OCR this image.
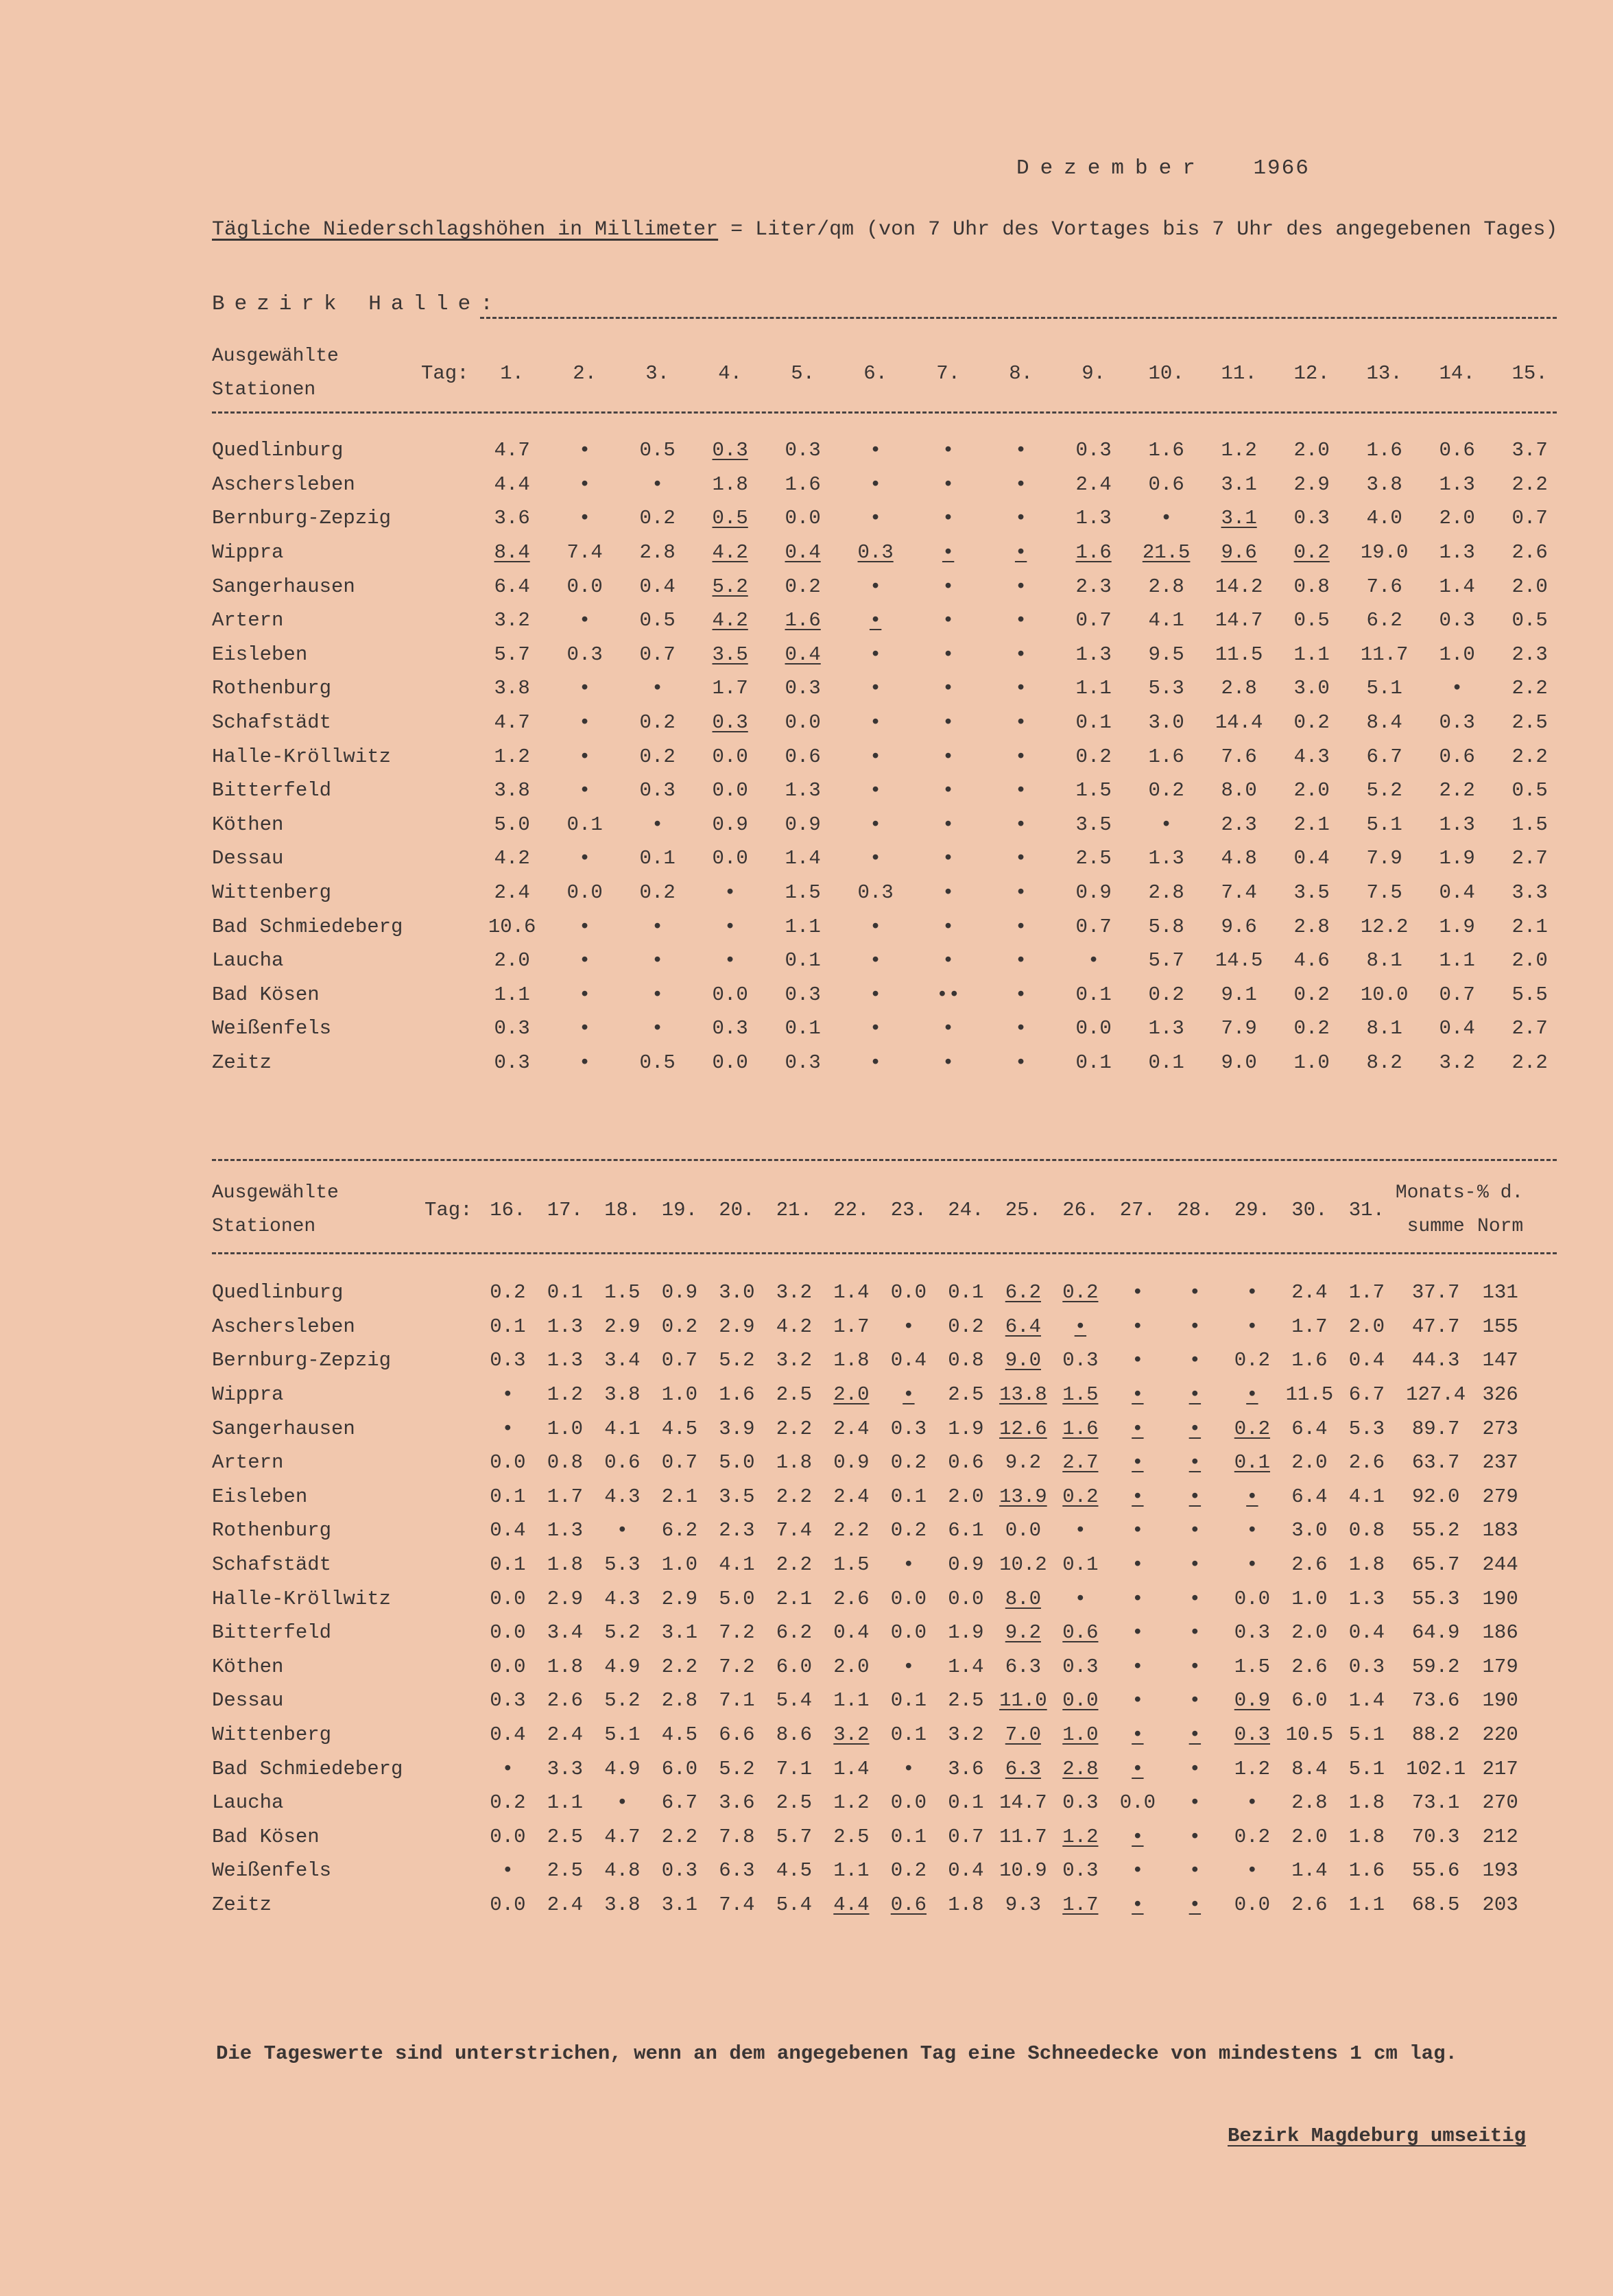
Dezember 1966
Tägliche Niederschlagshöhen in Millimeter = Liter/qm (von 7 Uhr des Vortages bis 7 Uhr des angegebenen Tages)
Bezirk Halle:
Ausgewählte
Stationen	Tag:	1.	2.	3.	4.	5.	6.	7.	8.	9.	10.	11.	12.	13.	14.	15.

Quedlinburg		4.7	•	0.5	0.3	0.3	•	•	•	0.3	1.6	1.2	2.0	1.6	0.6	3.7
Aschersleben		4.4	•	•	1.8	1.6	•	•	•	2.4	0.6	3.1	2.9	3.8	1.3	2.2
Bernburg-Zepzig		3.6	•	0.2	0.5	0.0	•	•	•	1.3	•	3.1	0.3	4.0	2.0	0.7
Wippra		8.4	7.4	2.8	4.2	0.4	0.3	•	•	1.6	21.5	9.6	0.2	19.0	1.3	2.6
Sangerhausen		6.4	0.0	0.4	5.2	0.2	•	•	•	2.3	2.8	14.2	0.8	7.6	1.4	2.0
Artern		3.2	•	0.5	4.2	1.6	•	•	•	0.7	4.1	14.7	0.5	6.2	0.3	0.5
Eisleben		5.7	0.3	0.7	3.5	0.4	•	•	•	1.3	9.5	11.5	1.1	11.7	1.0	2.3
Rothenburg		3.8	•	•	1.7	0.3	•	•	•	1.1	5.3	2.8	3.0	5.1	•	2.2
Schafstädt		4.7	•	0.2	0.3	0.0	•	•	•	0.1	3.0	14.4	0.2	8.4	0.3	2.5
Halle-Kröllwitz		1.2	•	0.2	0.0	0.6	•	•	•	0.2	1.6	7.6	4.3	6.7	0.6	2.2
Bitterfeld		3.8	•	0.3	0.0	1.3	•	•	•	1.5	0.2	8.0	2.0	5.2	2.2	0.5
Köthen		5.0	0.1	•	0.9	0.9	•	•	•	3.5	•	2.3	2.1	5.1	1.3	1.5
Dessau		4.2	•	0.1	0.0	1.4	•	•	•	2.5	1.3	4.8	0.4	7.9	1.9	2.7
Wittenberg		2.4	0.0	0.2	•	1.5	0.3	•	•	0.9	2.8	7.4	3.5	7.5	0.4	3.3
Bad Schmiedeberg		10.6	•	•	•	1.1	•	•	•	0.7	5.8	9.6	2.8	12.2	1.9	2.1
Laucha		2.0	•	•	•	0.1	•	•	•	•	5.7	14.5	4.6	8.1	1.1	2.0
Bad Kösen		1.1	•	•	0.0	0.3	•	••	•	0.1	0.2	9.1	0.2	10.0	0.7	5.5
Weißenfels		0.3	•	•	0.3	0.1	•	•	•	0.0	1.3	7.9	0.2	8.1	0.4	2.7
Zeitz		0.3	•	0.5	0.0	0.3	•	•	•	0.1	0.1	9.0	1.0	8.2	3.2	2.2
Ausgewählte
Stationen	Tag:	16.	17.	18.	19.	20.	21.	22.	23.	24.	25.	26.	27.	28.	29.	30.	31.	Monats-
summe	% d.
Norm

Quedlinburg		0.2	0.1	1.5	0.9	3.0	3.2	1.4	0.0	0.1	6.2	0.2	•	•	•	2.4	1.7	37.7	131
Aschersleben		0.1	1.3	2.9	0.2	2.9	4.2	1.7	•	0.2	6.4	•	•	•	•	1.7	2.0	47.7	155
Bernburg-Zepzig		0.3	1.3	3.4	0.7	5.2	3.2	1.8	0.4	0.8	9.0	0.3	•	•	0.2	1.6	0.4	44.3	147
Wippra		•	1.2	3.8	1.0	1.6	2.5	2.0	•	2.5	13.8	1.5	•	•	•	11.5	6.7	127.4	326
Sangerhausen		•	1.0	4.1	4.5	3.9	2.2	2.4	0.3	1.9	12.6	1.6	•	•	0.2	6.4	5.3	89.7	273
Artern		0.0	0.8	0.6	0.7	5.0	1.8	0.9	0.2	0.6	9.2	2.7	•	•	0.1	2.0	2.6	63.7	237
Eisleben		0.1	1.7	4.3	2.1	3.5	2.2	2.4	0.1	2.0	13.9	0.2	•	•	•	6.4	4.1	92.0	279
Rothenburg		0.4	1.3	•	6.2	2.3	7.4	2.2	0.2	6.1	0.0	•	•	•	•	3.0	0.8	55.2	183
Schafstädt		0.1	1.8	5.3	1.0	4.1	2.2	1.5	•	0.9	10.2	0.1	•	•	•	2.6	1.8	65.7	244
Halle-Kröllwitz		0.0	2.9	4.3	2.9	5.0	2.1	2.6	0.0	0.0	8.0	•	•	•	0.0	1.0	1.3	55.3	190
Bitterfeld		0.0	3.4	5.2	3.1	7.2	6.2	0.4	0.0	1.9	9.2	0.6	•	•	0.3	2.0	0.4	64.9	186
Köthen		0.0	1.8	4.9	2.2	7.2	6.0	2.0	•	1.4	6.3	0.3	•	•	1.5	2.6	0.3	59.2	179
Dessau		0.3	2.6	5.2	2.8	7.1	5.4	1.1	0.1	2.5	11.0	0.0	•	•	0.9	6.0	1.4	73.6	190
Wittenberg		0.4	2.4	5.1	4.5	6.6	8.6	3.2	0.1	3.2	7.0	1.0	•	•	0.3	10.5	5.1	88.2	220
Bad Schmiedeberg		•	3.3	4.9	6.0	5.2	7.1	1.4	•	3.6	6.3	2.8	•	•	1.2	8.4	5.1	102.1	217
Laucha		0.2	1.1	•	6.7	3.6	2.5	1.2	0.0	0.1	14.7	0.3	0.0	•	•	2.8	1.8	73.1	270
Bad Kösen		0.0	2.5	4.7	2.2	7.8	5.7	2.5	0.1	0.7	11.7	1.2	•	•	0.2	2.0	1.8	70.3	212
Weißenfels		•	2.5	4.8	0.3	6.3	4.5	1.1	0.2	0.4	10.9	0.3	•	•	•	1.4	1.6	55.6	193
Zeitz		0.0	2.4	3.8	3.1	7.4	5.4	4.4	0.6	1.8	9.3	1.7	•	•	0.0	2.6	1.1	68.5	203
Die Tageswerte sind unterstrichen, wenn an dem angegebenen Tag eine Schneedecke von mindestens 1 cm lag.
Bezirk Magdeburg umseitig
